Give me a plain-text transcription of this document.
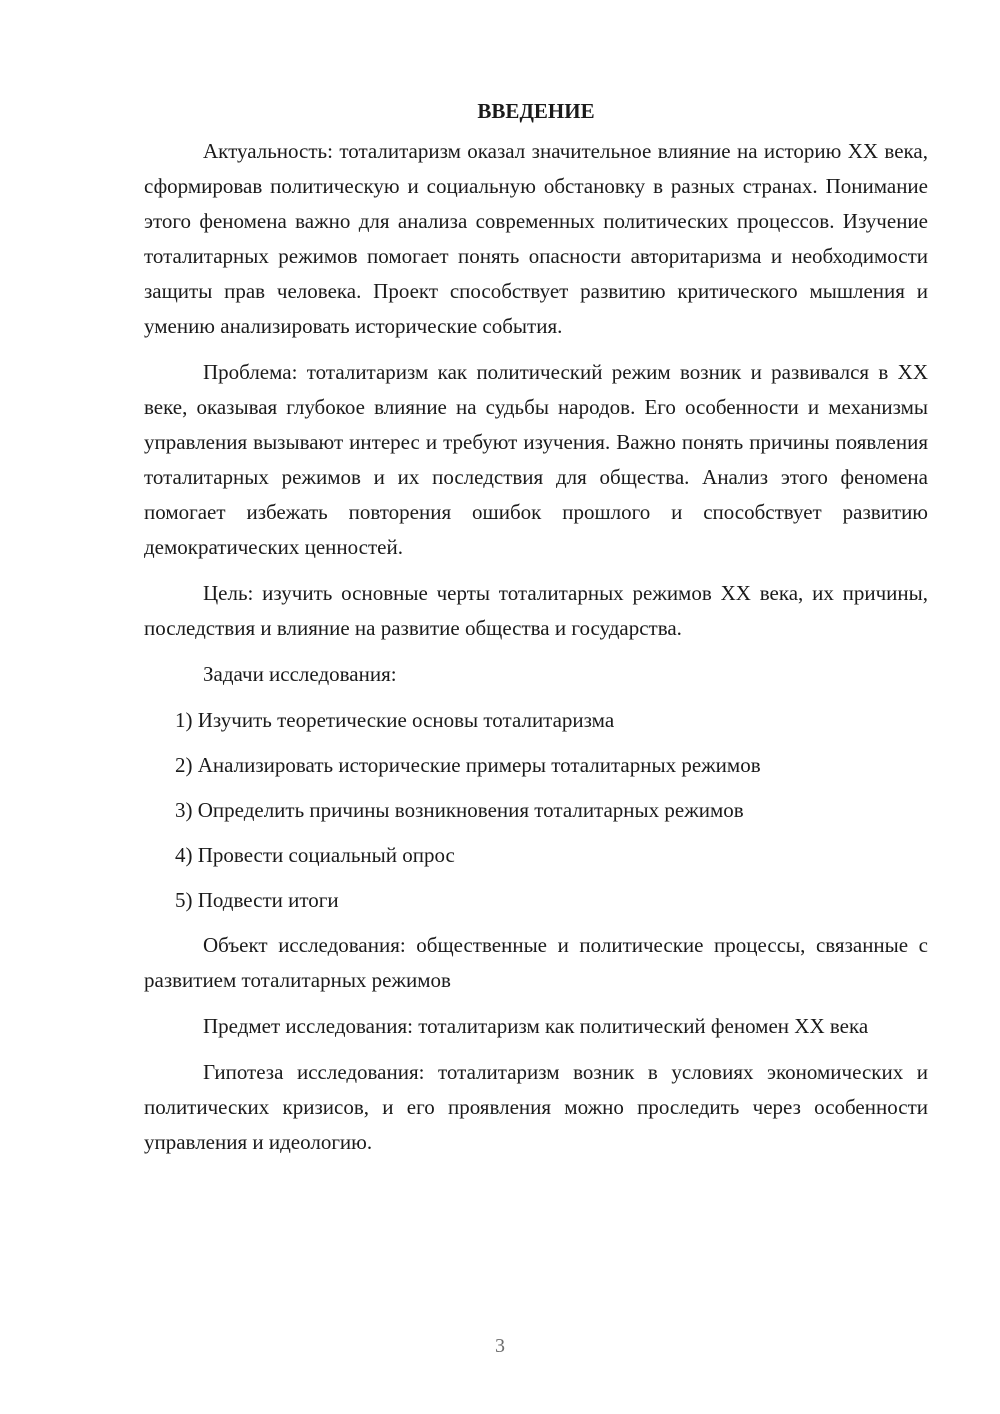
ВВЕДЕНИЕ

Актуальность: тоталитаризм оказал значительное влияние на историю XX века, сформировав политическую и социальную обстановку в разных странах. Понимание этого феномена важно для анализа современных политических процессов. Изучение тоталитарных режимов помогает понять опасности авторитаризма и необходимости защиты прав человека. Проект способствует развитию критического мышления и умению анализировать исторические события.

Проблема: тоталитаризм как политический режим возник и развивался в XX веке, оказывая глубокое влияние на судьбы народов. Его особенности и механизмы управления вызывают интерес и требуют изучения. Важно понять причины появления тоталитарных режимов и их последствия для общества. Анализ этого феномена помогает избежать повторения ошибок прошлого и способствует развитию демократических ценностей.

Цель: изучить основные черты тоталитарных режимов XX века, их причины, последствия и влияние на развитие общества и государства.

Задачи исследования:

1) Изучить теоретические основы тоталитаризма
2) Анализировать исторические примеры тоталитарных режимов
3) Определить причины возникновения тоталитарных режимов
4) Провести социальный опрос
5) Подвести итоги

Объект исследования: общественные и политические процессы, связанные с развитием тоталитарных режимов

Предмет исследования: тоталитаризм как политический феномен XX века

Гипотеза исследования: тоталитаризм возник в условиях экономических и политических кризисов, и его проявления можно проследить через особенности управления и идеологию.

3
